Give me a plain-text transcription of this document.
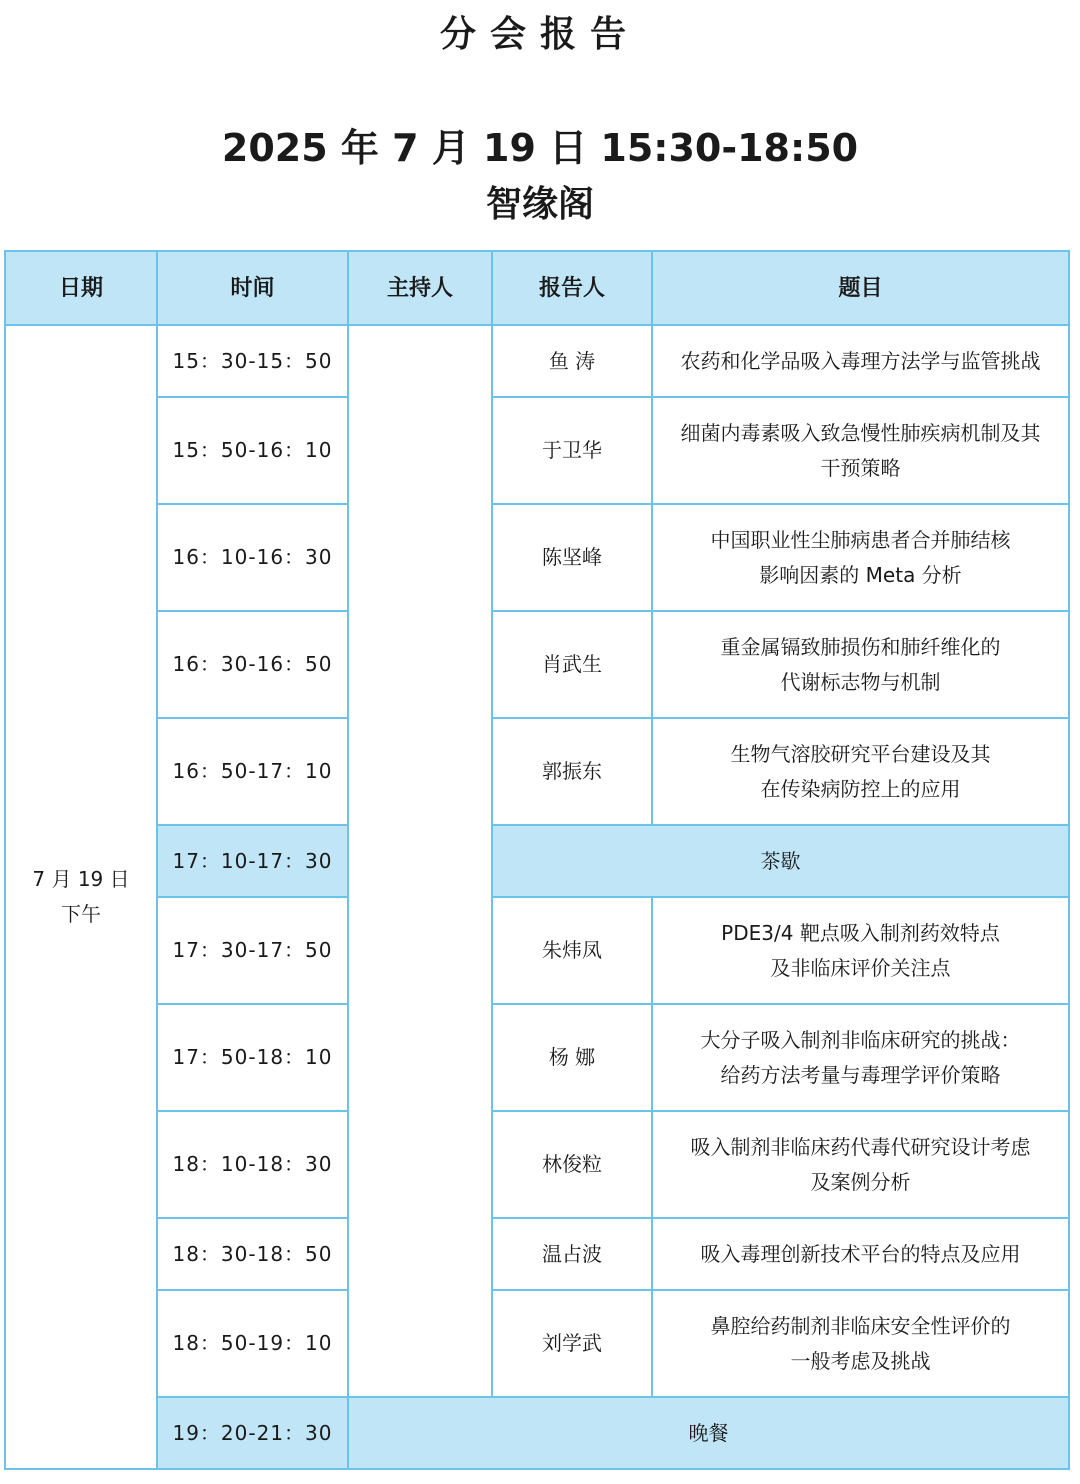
分会报告
2025 年 7 月 19 日 15:30-18:50
智缘阁
日期	时间	主持人	报告人	题目

7 月 19 日
下午	15：30-15：50		鱼 涛	农药和化学品吸入毒理方法学与监管挑战

	15：50-16：10		于卫华	细菌内毒素吸入致急慢性肺疾病机制及其
干预策略

	16：10-16：30		陈坚峰	中国职业性尘肺病患者合并肺结核
影响因素的 Meta 分析

	16：30-16：50		肖武生	重金属镉致肺损伤和肺纤维化的
代谢标志物与机制

	16：50-17：10		郭振东	生物气溶胶研究平台建设及其
在传染病防控上的应用

	17：10-17：30		茶歇	
	17：30-17：50		朱炜凤	PDE3/4 靶点吸入制剂药效特点
及非临床评价关注点

	17：50-18：10		杨 娜	大分子吸入制剂非临床研究的挑战：
给药方法考量与毒理学评价策略

	18：10-18：30		林俊粒	吸入制剂非临床药代毒代研究设计考虑
及案例分析

	18：30-18：50		温占波	吸入毒理创新技术平台的特点及应用

	18：50-19：10		刘学武	鼻腔给药制剂非临床安全性评价的
一般考虑及挑战

	19：20-21：30	晚餐		
